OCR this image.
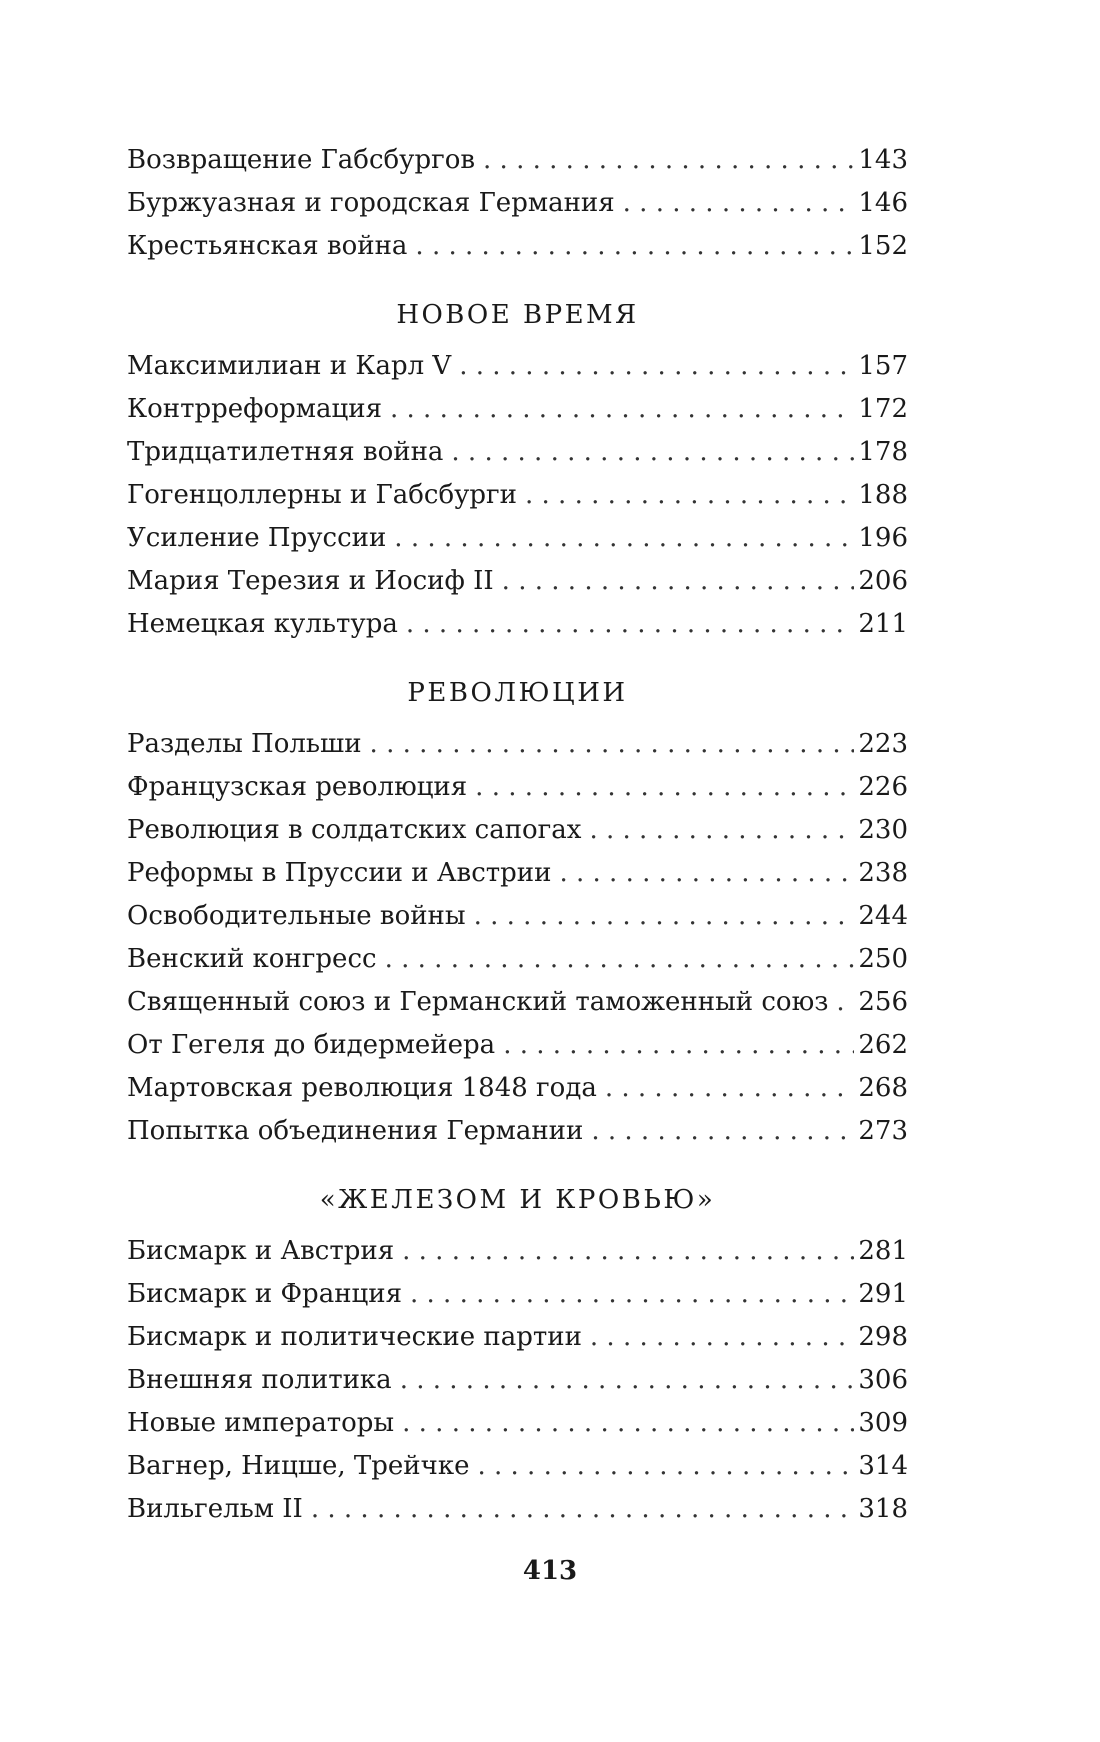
Возвращение Габсбургов . . .	143
Буржуазная и городская Германия . . .	146
Крестьянская война . . .	152
НОВОЕ ВРЕМЯ
Максимилиан и Карл V . . .	157
Контрреформация . . .	172
Тридцатилетняя война . . .	178
Гогенцоллерны и Габсбурги . . .	188
Усиление Пруссии . . .	196
Мария Терезия и Иосиф II . . .	206
Немецкая культура . . .	211
РЕВОЛЮЦИИ
Разделы Польши . . .	223
Французская революция . . .	226
Революция в солдатских сапогах . . .	230
Реформы в Пруссии и Австрии . . .	238
Освободительные войны . . .	244
Венский конгресс . . .	250
Священный союз и Германский таможенный союз . . . 256
От Гегеля до бидермейера . . .	262
Мартовская революция 1848 года . . .	268
Попытка объединения Германии . . .	273
«ЖЕЛЕЗОМ И КРОВЬЮ»
Бисмарк и Австрия . . .	281
Бисмарк и Франция . . .	291
Бисмарк и политические партии . . .	298
Внешняя политика . . .	306
Новые императоры . . .	309
Вагнер, Ницше, Трейчке . . .	314
Вильгельм II . . .	318
413
